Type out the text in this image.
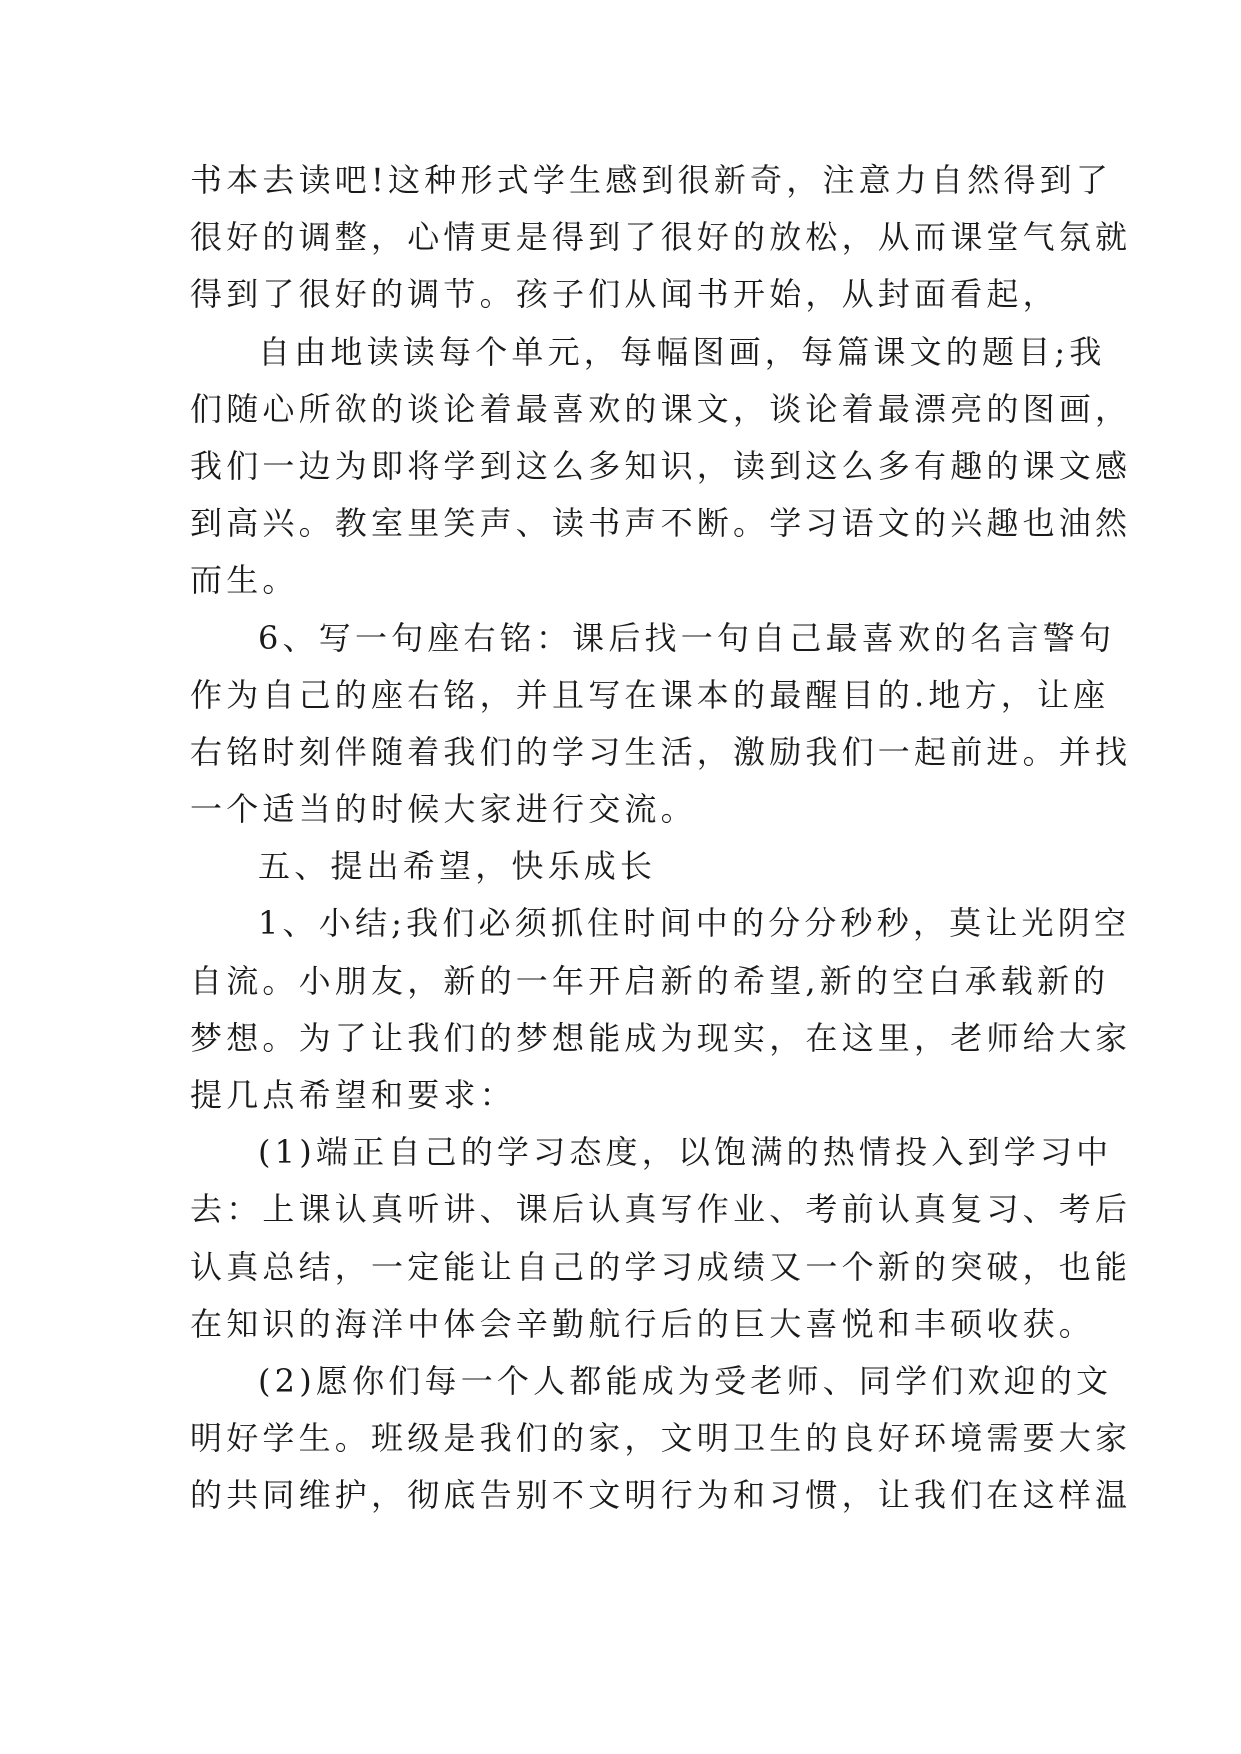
书本去读吧!这种形式学生感到很新奇，注意力自然得到了
很好的调整，心情更是得到了很好的放松，从而课堂气氛就
得到了很好的调节。孩子们从闻书开始，从封面看起，
自由地读读每个单元，每幅图画，每篇课文的题目;我
们随心所欲的谈论着最喜欢的课文，谈论着最漂亮的图画，
我们一边为即将学到这么多知识，读到这么多有趣的课文感
到高兴。教室里笑声、读书声不断。学习语文的兴趣也油然
而生。
6、写一句座右铭：课后找一句自己最喜欢的名言警句
作为自己的座右铭，并且写在课本的最醒目的.地方，让座
右铭时刻伴随着我们的学习生活，激励我们一起前进。并找
一个适当的时候大家进行交流。
五、提出希望，快乐成长
1、小结;我们必须抓住时间中的分分秒秒，莫让光阴空
自流。小朋友，新的一年开启新的希望,新的空白承载新的
梦想。为了让我们的梦想能成为现实，在这里，老师给大家
提几点希望和要求：
(1)端正自己的学习态度，以饱满的热情投入到学习中
去：上课认真听讲、课后认真写作业、考前认真复习、考后
认真总结，一定能让自己的学习成绩又一个新的突破，也能
在知识的海洋中体会辛勤航行后的巨大喜悦和丰硕收获。
(2)愿你们每一个人都能成为受老师、同学们欢迎的文
明好学生。班级是我们的家，文明卫生的良好环境需要大家
的共同维护，彻底告别不文明行为和习惯，让我们在这样温
